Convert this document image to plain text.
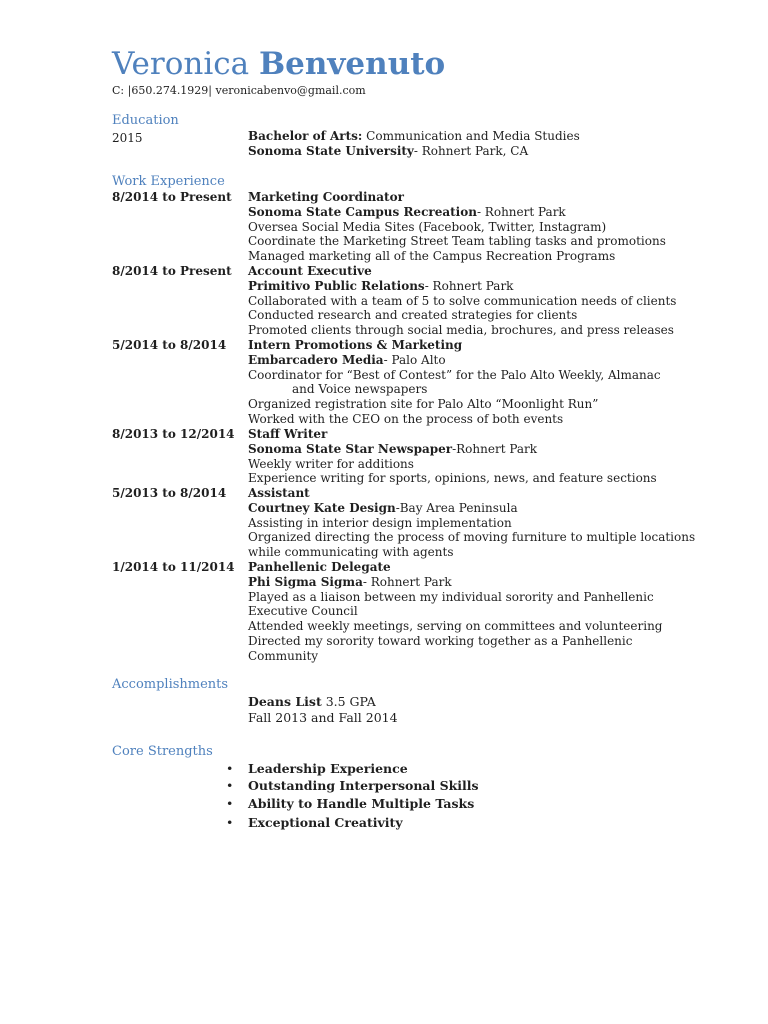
Veronica Benvenuto
C: |650.274.1929| veronicabenvo@gmail.com
Education
2015	Bachelor of Arts: Communication and Media Studies
Sonoma State University- Rohnert Park, CA
Work Experience
8/2014 to Present Marketing Coordinator
Sonoma State Campus Recreation- Rohnert Park
Oversea Social Media Sites (Facebook, Twitter, Instagram)
Coordinate the Marketing Street Team tabling tasks and promotions
Managed marketing all of the Campus Recreation Programs
8/2014 to Present Account Executive
Primitivo Public Relations- Rohnert Park
Collaborated with a team of 5 to solve communication needs of clients
Conducted research and created strategies for clients
Promoted clients through social media, brochures, and press releases
5/2014 to 8/2014 Intern Promotions & Marketing
Embarcadero Media- Palo Alto
Coordinator for “Best of Contest” for the Palo Alto Weekly, Almanac
and Voice newspapers
Organized registration site for Palo Alto “Moonlight Run”
Worked with the CEO on the process of both events
8/2013 to 12/2014 Staff Writer
Sonoma State Star Newspaper-Rohnert Park
Weekly writer for additions
Experience writing for sports, opinions, news, and feature sections
5/2013 to 8/2014 Assistant
Courtney Kate Design-Bay Area Peninsula
Assisting in interior design implementation
Organized directing the process of moving furniture to multiple locations
while communicating with agents
1/2014 to 11/2014 Panhellenic Delegate
Phi Sigma Sigma- Rohnert Park
Played as a liaison between my individual sorority and Panhellenic
Executive Council
Attended weekly meetings, serving on committees and volunteering
Directed my sorority toward working together as a Panhellenic
Community
Accomplishments
Deans List 3.5 GPA
Fall 2013 and Fall 2014
Core Strengths
• Leadership Experience
• Outstanding Interpersonal Skills
• Ability to Handle Multiple Tasks
• Exceptional Creativity
